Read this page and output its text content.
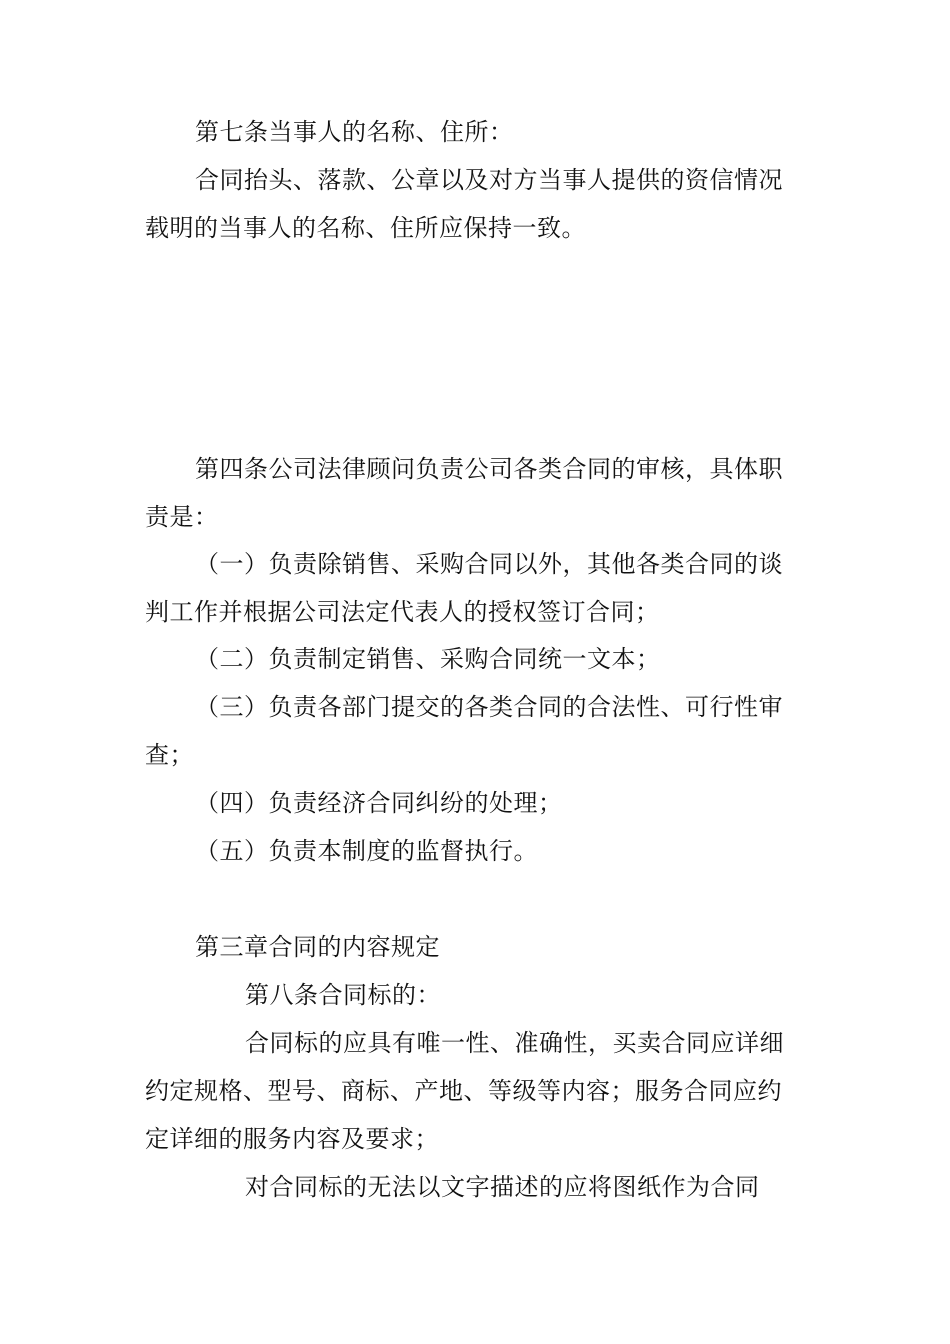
第七条当事人的名称、住所：
合同抬头、落款、公章以及对方当事人提供的资信情况
载明的当事人的名称、住所应保持一致。
第四条公司法律顾问负责公司各类合同的审核，具体职
责是：
（一）负责除销售、采购合同以外，其他各类合同的谈
判工作并根据公司法定代表人的授权签订合同；
（二）负责制定销售、采购合同统一文本；
（三）负责各部门提交的各类合同的合法性、可行性审
查；
（四）负责经济合同纠纷的处理；
（五）负责本制度的监督执行。
第三章合同的内容规定
第八条合同标的：
合同标的应具有唯一性、准确性，买卖合同应详细
约定规格、型号、商标、产地、等级等内容；服务合同应约
定详细的服务内容及要求；
对合同标的无法以文字描述的应将图纸作为合同
